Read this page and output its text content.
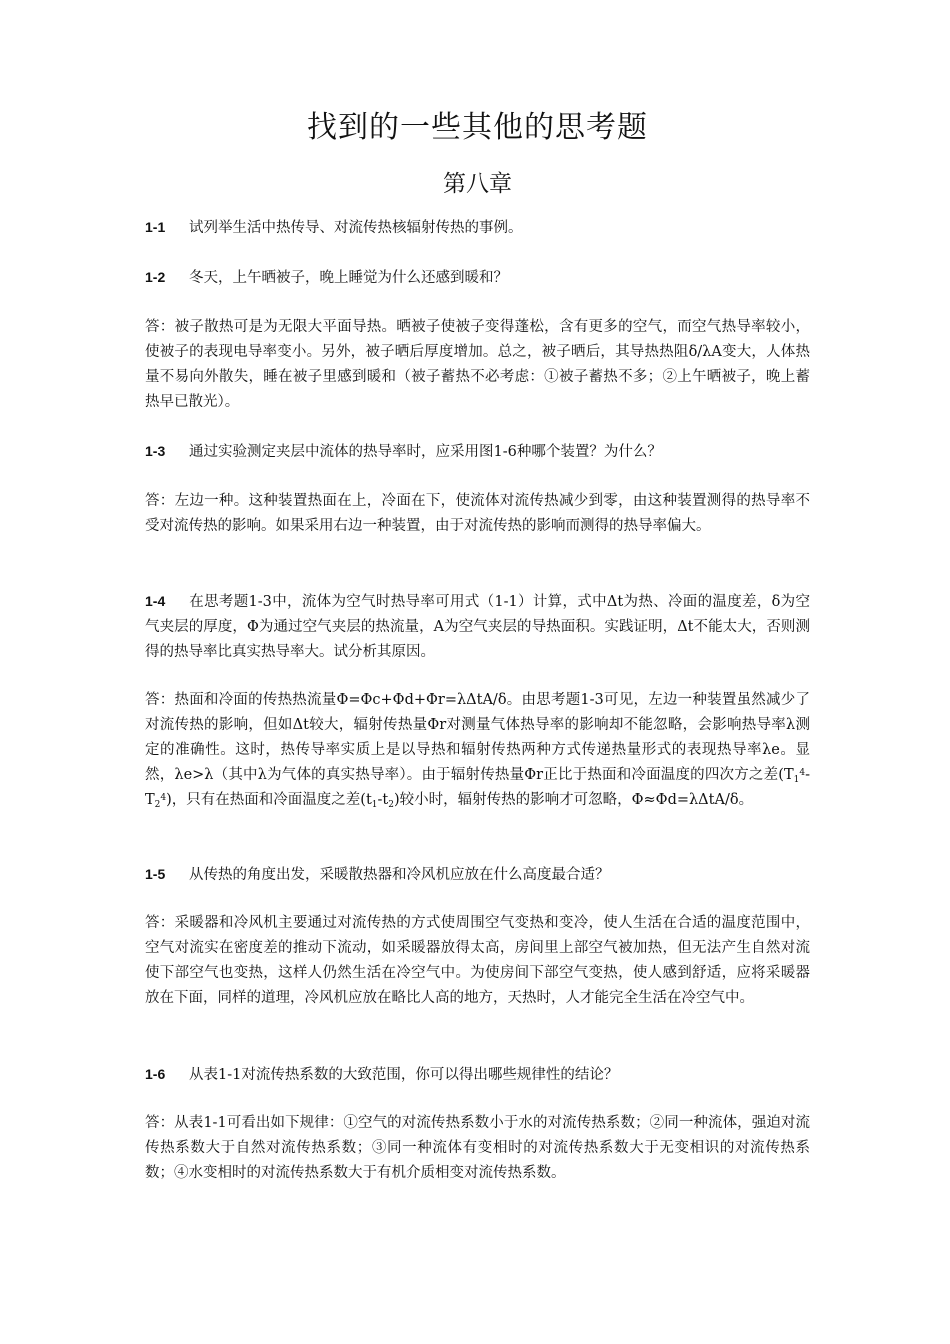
找到的一些其他的思考题
第八章

1-1 试列举生活中热传导、对流传热核辐射传热的事例。

1-2 冬天，上午晒被子，晚上睡觉为什么还感到暖和？

答：被子散热可是为无限大平面导热。晒被子使被子变得蓬松，含有更多的空气，而空气热导率较小，使被子的表现电导率变小。另外，被子晒后厚度增加。总之，被子晒后，其导热热阻δ/λA变大，人体热量不易向外散失，睡在被子里感到暖和（被子蓄热不必考虑：①被子蓄热不多；②上午晒被子，晚上蓄热早已散光）。

1-3 通过实验测定夹层中流体的热导率时，应采用图1-6种哪个装置？为什么？

答：左边一种。这种装置热面在上，冷面在下，使流体对流传热减少到零，由这种装置测得的热导率不受对流传热的影响。如果采用右边一种装置，由于对流传热的影响而测得的热导率偏大。

1-4 在思考题1-3中，流体为空气时热导率可用式（1-1）计算，式中Δt为热、冷面的温度差，δ为空气夹层的厚度，Φ为通过空气夹层的热流量，A为空气夹层的导热面积。实践证明，Δt不能太大，否则测得的热导率比真实热导率大。试分析其原因。

答：热面和冷面的传热热流量Φ=Φc+Φd+Φr=λΔtA/δ。由思考题1-3可见，左边一种装置虽然减少了对流传热的影响，但如Δt较大，辐射传热量Φr对测量气体热导率的影响却不能忽略，会影响热导率λ测定的准确性。这时，热传导率实质上是以导热和辐射传热两种方式传递热量形式的表现热导率λe。显然，λe>λ（其中λ为气体的真实热导率）。由于辐射传热量Φr正比于热面和冷面温度的四次方之差$(T_1^4-T_2^4)$，只有在热面和冷面温度之差$(t_1-t_2)$较小时，辐射传热的影响才可忽略，Φ≈Φd=λΔtA/δ。

1-5 从传热的角度出发，采暖散热器和冷风机应放在什么高度最合适？

答：采暖器和冷风机主要通过对流传热的方式使周围空气变热和变冷，使人生活在合适的温度范围中，空气对流实在密度差的推动下流动，如采暖器放得太高，房间里上部空气被加热，但无法产生自然对流使下部空气也变热，这样人仍然生活在冷空气中。为使房间下部空气变热，使人感到舒适，应将采暖器放在下面，同样的道理，冷风机应放在略比人高的地方，天热时，人才能完全生活在冷空气中。

1-6 从表1-1对流传热系数的大致范围，你可以得出哪些规律性的结论？

答：从表1-1可看出如下规律：①空气的对流传热系数小于水的对流传热系数；②同一种流体，强迫对流传热系数大于自然对流传热系数；③同一种流体有变相时的对流传热系数大于无变相识的对流传热系数；④水变相时的对流传热系数大于有机介质相变对流传热系数。
